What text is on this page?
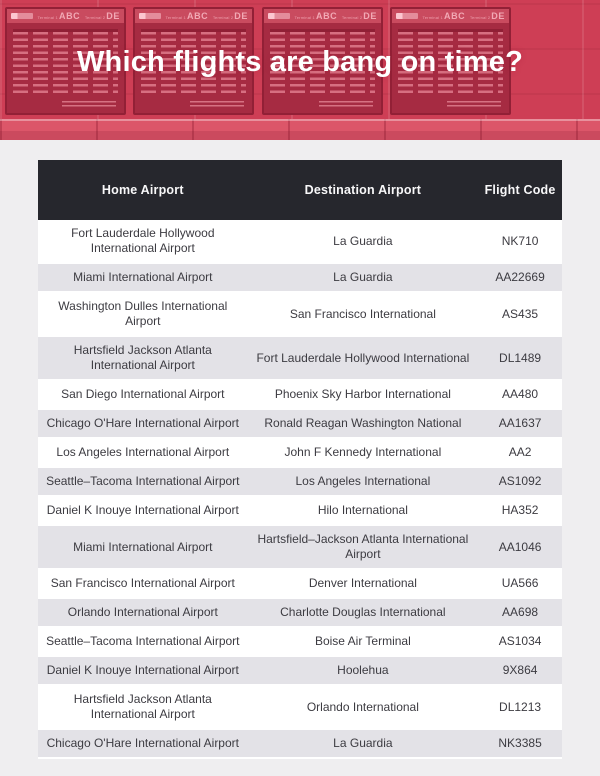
Terminal 1 ABC Terminal 2 DE	Terminal 1 ABC Terminal 2 DE	Terminal 1 ABC Terminal 2 DE	Terminal 1 ABC Terminal 2 DE
Which flights are bang on time?
Home Airport	Destination Airport	Flight Code
Fort Lauderdale Hollywood International Airport	La Guardia	NK710
Miami International Airport	La Guardia	AA22669
Washington Dulles International Airport	San Francisco International	AS435
Hartsfield Jackson Atlanta International Airport	Fort Lauderdale Hollywood International	DL1489
San Diego International Airport	Phoenix Sky Harbor International	AA480
Chicago O'Hare International Airport	Ronald Reagan Washington National	AA1637
Los Angeles International Airport	John F Kennedy International	AA2
Seattle–Tacoma International Airport	Los Angeles International	AS1092
Daniel K Inouye International Airport	Hilo International	HA352
Miami International Airport	Hartsfield–Jackson Atlanta International Airport	AA1046
San Francisco International Airport	Denver International	UA566
Orlando International Airport	Charlotte Douglas International	AA698
Seattle–Tacoma International Airport	Boise Air Terminal	AS1034
Daniel K Inouye International Airport	Hoolehua	9X864
Hartsfield Jackson Atlanta International Airport	Orlando International	DL1213
Chicago O'Hare International Airport	La Guardia	NK3385
